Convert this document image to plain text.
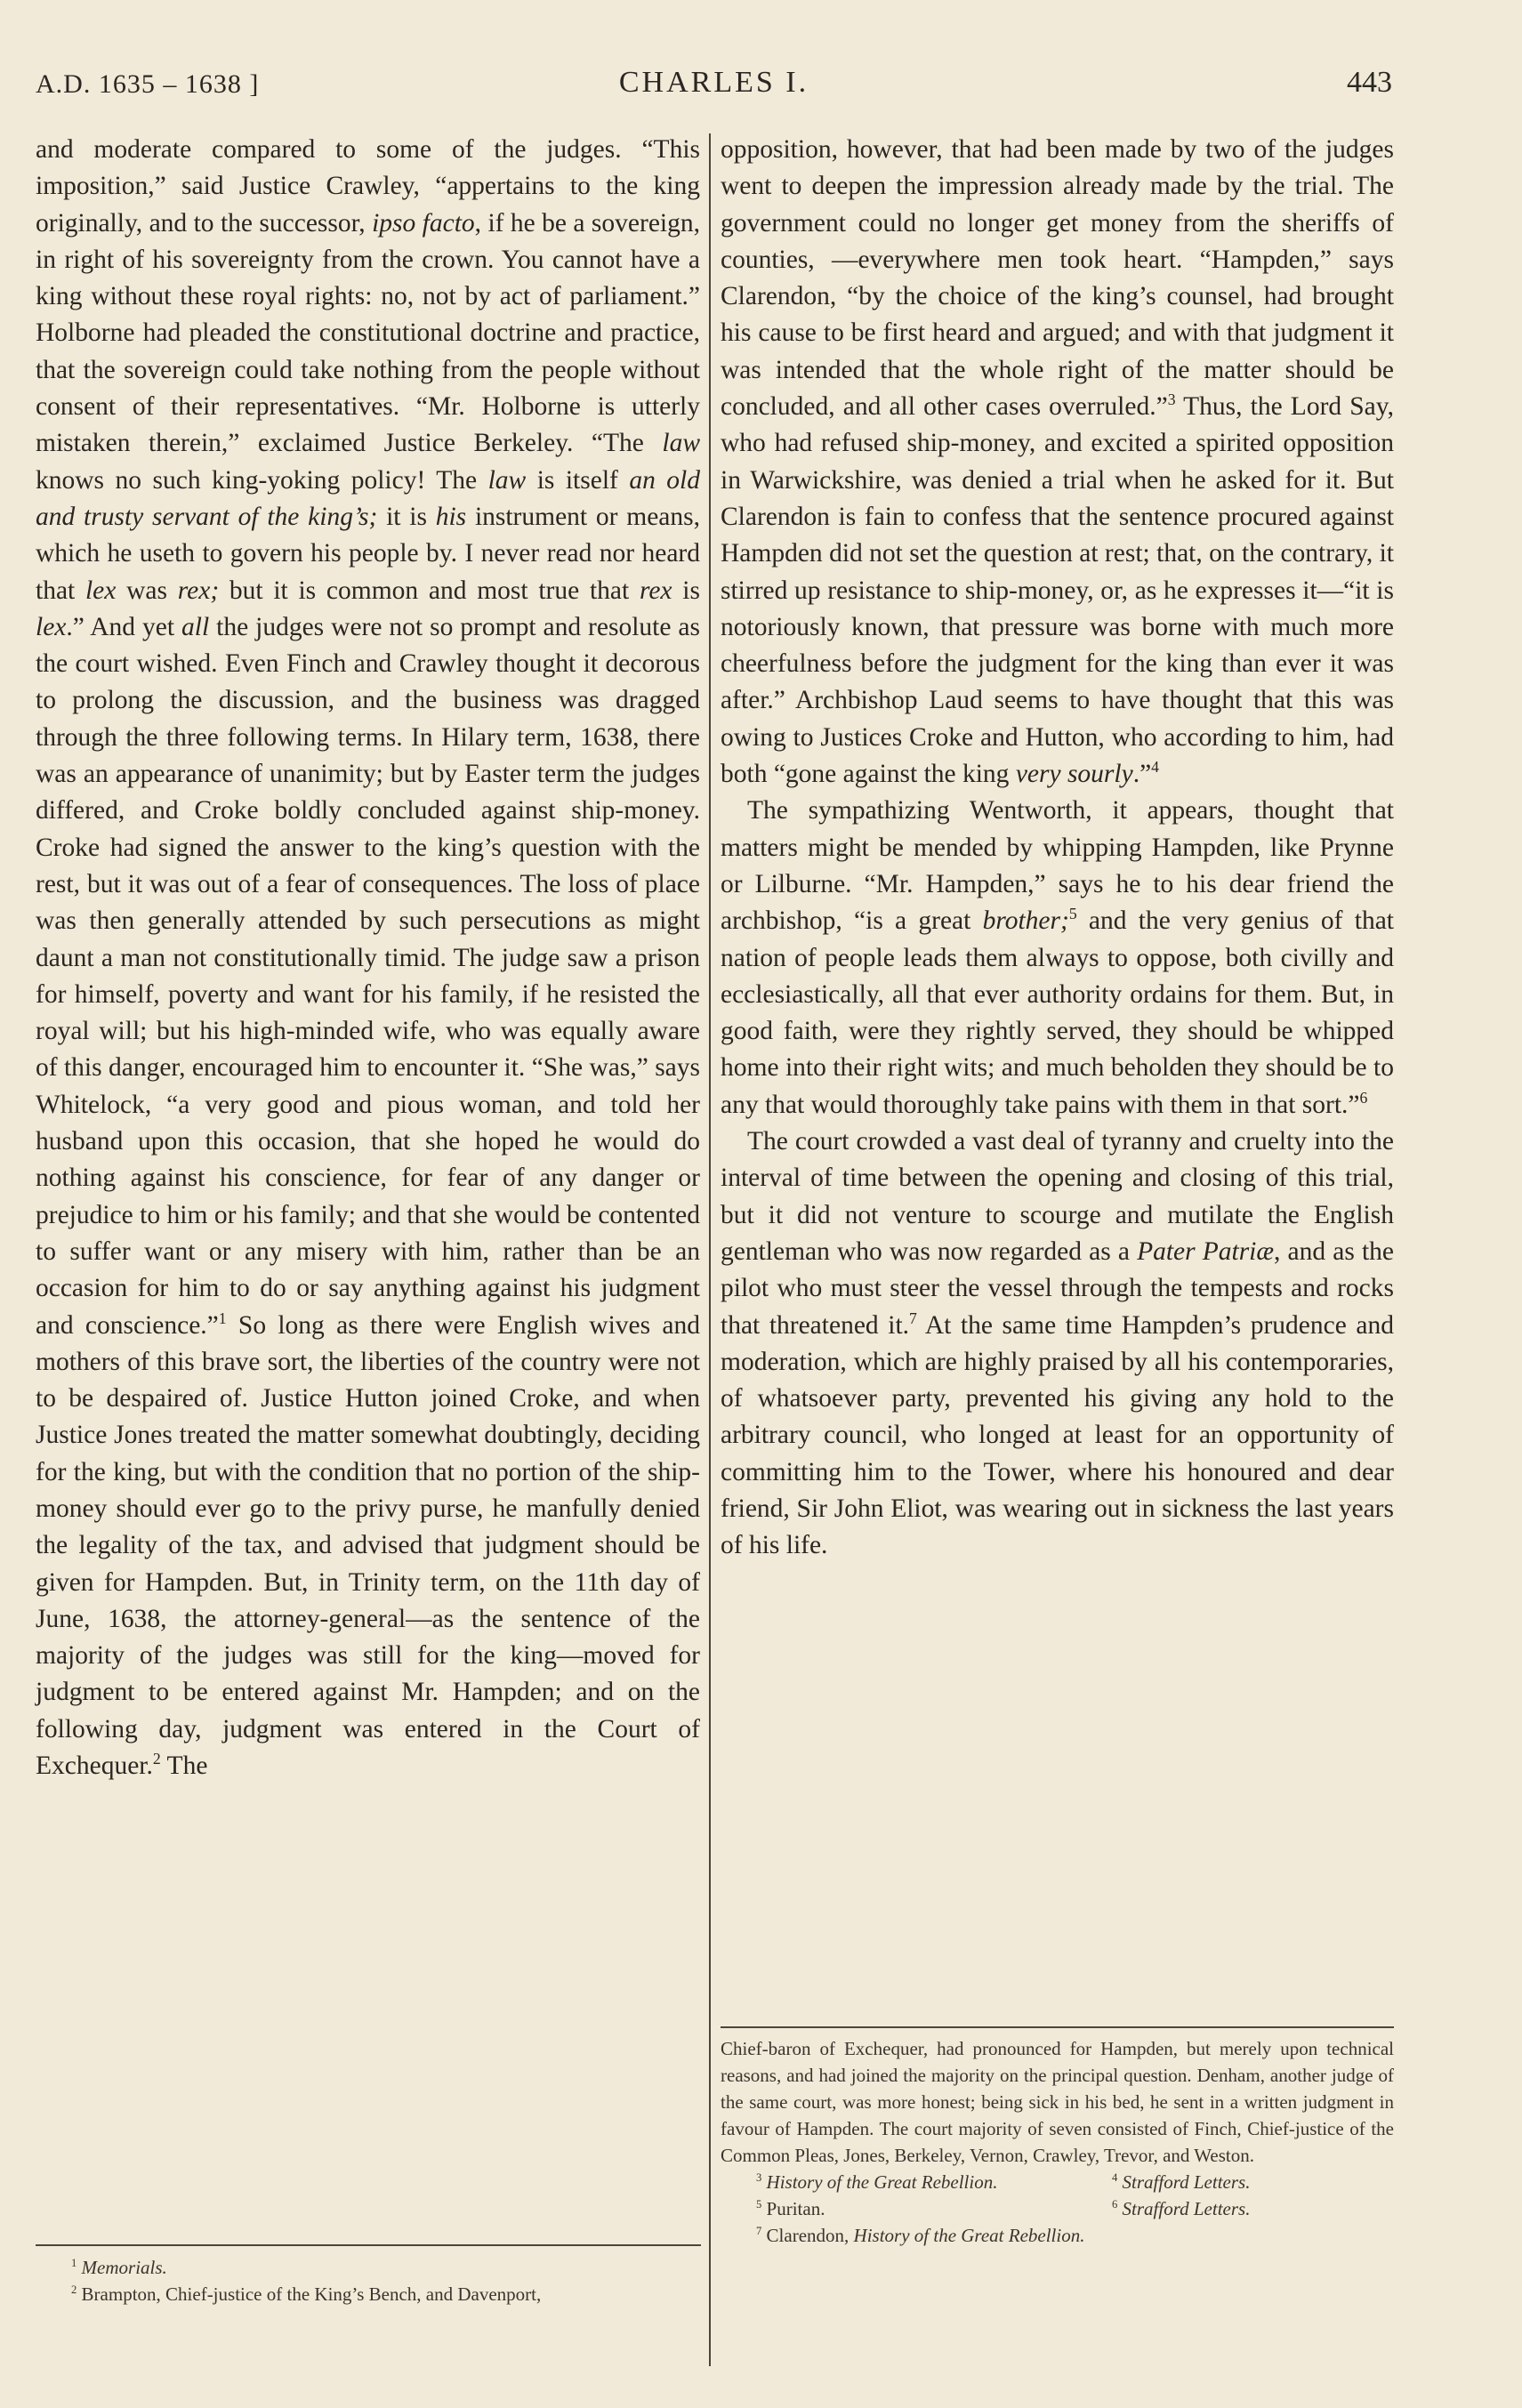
A.D. 1635 – 1638 ]	CHARLES I.	443

and moderate compared to some of the judges. “This imposition,” said Justice Crawley, “appertains to the king originally, and to the successor, ipso facto, if he be a sovereign, in right of his sovereignty from the crown. You cannot have a king without these royal rights: no, not by act of parliament.” Holborne had pleaded the constitutional doctrine and practice, that the sovereign could take nothing from the people without consent of their representatives. “Mr. Holborne is utterly mistaken therein,” exclaimed Justice Berkeley. “The law knows no such king-yoking policy! The law is itself an old and trusty servant of the king’s; it is his instrument or means, which he useth to govern his people by. I never read nor heard that lex was rex; but it is common and most true that rex is lex.” And yet all the judges were not so prompt and resolute as the court wished. Even Finch and Crawley thought it decorous to prolong the discussion, and the business was dragged through the three following terms. In Hilary term, 1638, there was an appearance of unanimity; but by Easter term the judges differed, and Croke boldly concluded against ship-money. Croke had signed the answer to the king’s question with the rest, but it was out of a fear of consequences. The loss of place was then generally attended by such persecutions as might daunt a man not constitutionally timid. The judge saw a prison for himself, poverty and want for his family, if he resisted the royal will; but his high-minded wife, who was equally aware of this danger, encouraged him to encounter it. “She was,” says Whitelock, “a very good and pious woman, and told her husband upon this occasion, that she hoped he would do nothing against his conscience, for fear of any danger or prejudice to him or his family; and that she would be contented to suffer want or any misery with him, rather than be an occasion for him to do or say anything against his judgment and conscience.”$^1$ So long as there were English wives and mothers of this brave sort, the liberties of the country were not to be despaired of. Justice Hutton joined Croke, and when Justice Jones treated the matter somewhat doubtingly, deciding for the king, but with the condition that no portion of the ship-money should ever go to the privy purse, he manfully denied the legality of the tax, and advised that judgment should be given for Hampden. But, in Trinity term, on the 11th day of June, 1638, the attorney-general—as the sentence of the majority of the judges was still for the king—moved for judgment to be entered against Mr. Hampden; and on the following day, judgment was entered in the Court of Exchequer.$^2$ The

opposition, however, that had been made by two of the judges went to deepen the impression already made by the trial. The government could no longer get money from the sheriffs of counties, —everywhere men took heart. “Hampden,” says Clarendon, “by the choice of the king’s counsel, had brought his cause to be first heard and argued; and with that judgment it was intended that the whole right of the matter should be concluded, and all other cases overruled.”$^3$ Thus, the Lord Say, who had refused ship-money, and excited a spirited opposition in Warwickshire, was denied a trial when he asked for it. But Clarendon is fain to confess that the sentence procured against Hampden did not set the question at rest; that, on the contrary, it stirred up resistance to ship-money, or, as he expresses it—“it is notoriously known, that pressure was borne with much more cheerfulness before the judgment for the king than ever it was after.” Archbishop Laud seems to have thought that this was owing to Justices Croke and Hutton, who according to him, had both “gone against the king very sourly.”$^4$

The sympathizing Wentworth, it appears, thought that matters might be mended by whipping Hampden, like Prynne or Lilburne. “Mr. Hampden,” says he to his dear friend the archbishop, “is a great brother;$^5$ and the very genius of that nation of people leads them always to oppose, both civilly and ecclesiastically, all that ever authority ordains for them. But, in good faith, were they rightly served, they should be whipped home into their right wits; and much beholden they should be to any that would thoroughly take pains with them in that sort.”$^6$

The court crowded a vast deal of tyranny and cruelty into the interval of time between the opening and closing of this trial, but it did not venture to scourge and mutilate the English gentleman who was now regarded as a Pater Patriæ, and as the pilot who must steer the vessel through the tempests and rocks that threatened it.$^7$ At the same time Hampden’s prudence and moderation, which are highly praised by all his contemporaries, of whatsoever party, prevented his giving any hold to the arbitrary council, who longed at least for an opportunity of committing him to the Tower, where his honoured and dear friend, Sir John Eliot, was wearing out in sickness the last years of his life.

$^1$ Memorials.
$^2$ Brampton, Chief-justice of the King’s Bench, and Davenport,
Chief-baron of Exchequer, had pronounced for Hampden, but merely upon technical reasons, and had joined the majority on the principal question. Denham, another judge of the same court, was more honest; being sick in his bed, he sent in a written judgment in favour of Hampden. The court majority of seven consisted of Finch, Chief-justice of the Common Pleas, Jones, Berkeley, Vernon, Crawley, Trevor, and Weston.
$^3$ History of the Great Rebellion.	$^4$ Strafford Letters.
$^5$ Puritan.	$^6$ Strafford Letters.
$^7$ Clarendon, History of the Great Rebellion.
